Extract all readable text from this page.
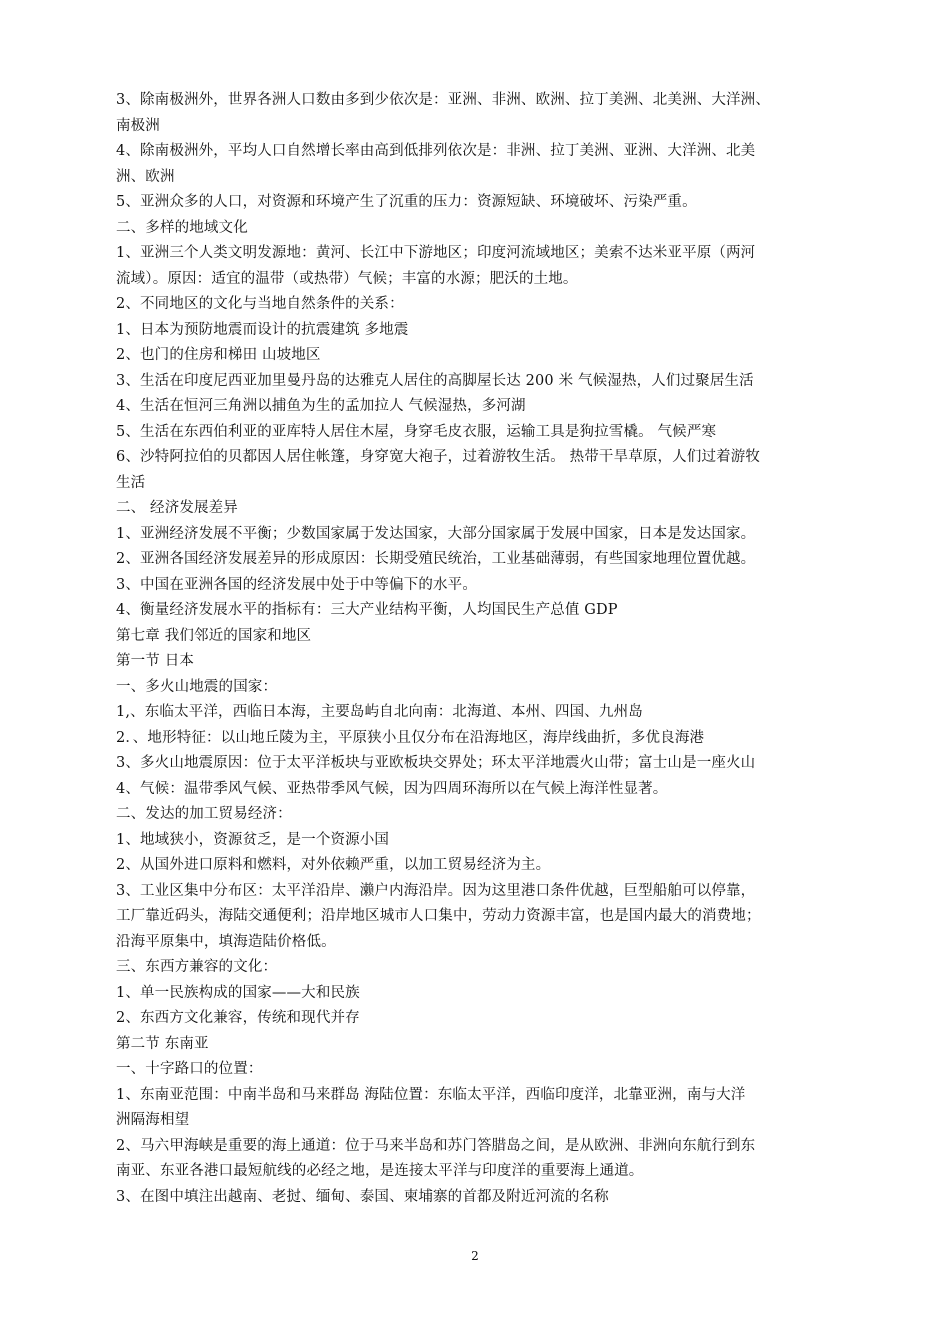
3、除南极洲外，世界各洲人口数由多到少依次是：亚洲、非洲、欧洲、拉丁美洲、北美洲、大洋洲、
南极洲
4、除南极洲外，平均人口自然增长率由高到低排列依次是：非洲、拉丁美洲、亚洲、大洋洲、北美
洲、欧洲
5、亚洲众多的人口，对资源和环境产生了沉重的压力：资源短缺、环境破坏、污染严重。
二、多样的地域文化
1、亚洲三个人类文明发源地：黄河、长江中下游地区；印度河流域地区；美索不达米亚平原（两河
流域）。原因：适宜的温带（或热带）气候；丰富的水源；肥沃的土地。
2、不同地区的文化与当地自然条件的关系：
1、日本为预防地震而设计的抗震建筑 多地震
2、也门的住房和梯田 山坡地区
3、生活在印度尼西亚加里曼丹岛的达雅克人居住的高脚屋长达 200 米 气候湿热，人们过聚居生活
4、生活在恒河三角洲以捕鱼为生的孟加拉人 气候湿热，多河湖
5、生活在东西伯利亚的亚库特人居住木屋，身穿毛皮衣服，运输工具是狗拉雪橇。 气候严寒
6、沙特阿拉伯的贝都因人居住帐篷，身穿宽大袍子，过着游牧生活。 热带干旱草原，人们过着游牧
生活
二、 经济发展差异
1、亚洲经济发展不平衡；少数国家属于发达国家，大部分国家属于发展中国家，日本是发达国家。
2、亚洲各国经济发展差异的形成原因：长期受殖民统治，工业基础薄弱，有些国家地理位置优越。
3、中国在亚洲各国的经济发展中处于中等偏下的水平。
4、衡量经济发展水平的指标有：三大产业结构平衡，人均国民生产总值 GDP
第七章 我们邻近的国家和地区
第一节 日本
一、多火山地震的国家：
1,、东临太平洋，西临日本海，主要岛屿自北向南：北海道、本州、四国、九州岛
2．、地形特征：以山地丘陵为主，平原狭小且仅分布在沿海地区，海岸线曲折，多优良海港
3、多火山地震原因：位于太平洋板块与亚欧板块交界处；环太平洋地震火山带；富士山是一座火山
4、气候：温带季风气候、亚热带季风气候，因为四周环海所以在气候上海洋性显著。
二、发达的加工贸易经济：
1、地域狭小，资源贫乏，是一个资源小国
2、从国外进口原料和燃料，对外依赖严重，以加工贸易经济为主。
3、工业区集中分布区：太平洋沿岸、濑户内海沿岸。因为这里港口条件优越，巨型船舶可以停靠，
工厂靠近码头，海陆交通便利；沿岸地区城市人口集中，劳动力资源丰富，也是国内最大的消费地；
沿海平原集中，填海造陆价格低。
三、东西方兼容的文化：
1、单一民族构成的国家——大和民族
2、东西方文化兼容，传统和现代并存
第二节 东南亚
一、十字路口的位置：
1、东南亚范围：中南半岛和马来群岛 海陆位置：东临太平洋，西临印度洋，北靠亚洲，南与大洋
洲隔海相望
2、马六甲海峡是重要的海上通道：位于马来半岛和苏门答腊岛之间，是从欧洲、非洲向东航行到东
南亚、东亚各港口最短航线的必经之地，是连接太平洋与印度洋的重要海上通道。
3、在图中填注出越南、老挝、缅甸、泰国、柬埔寨的首都及附近河流的名称
2
